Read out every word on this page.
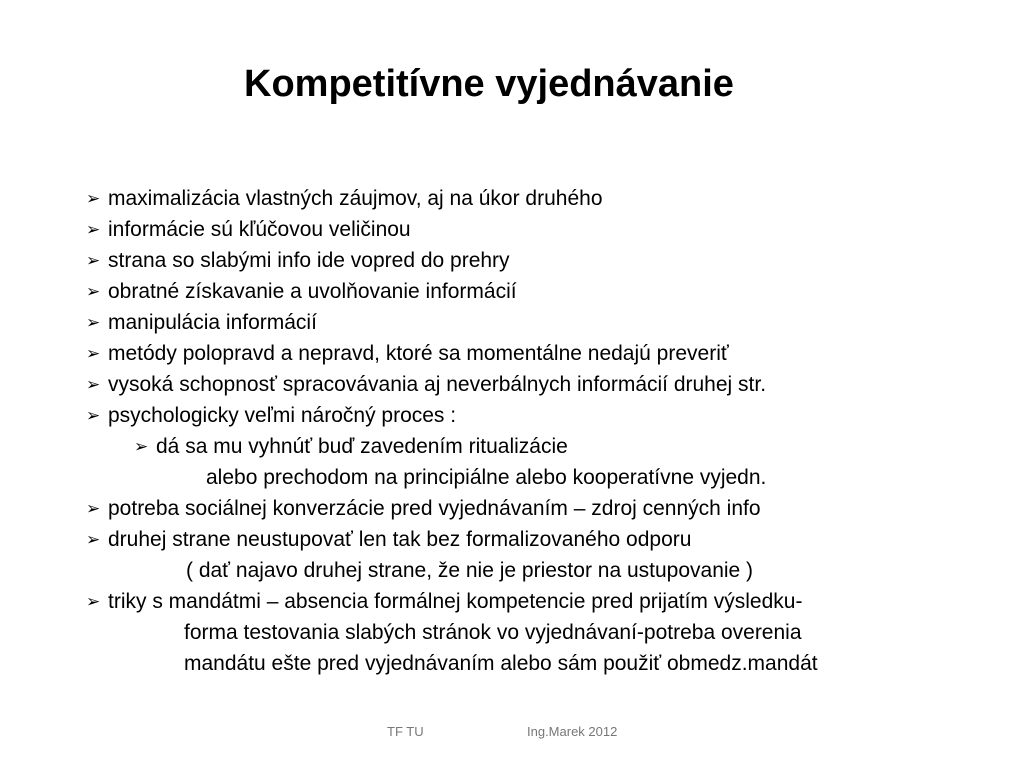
Kompetitívne vyjednávanie
➢ maximalizácia vlastných záujmov, aj na úkor druhého
➢ informácie sú kľúčovou veličinou
➢ strana so slabými info ide vopred do prehry
➢ obratné získavanie a uvolňovanie informácií
➢ manipulácia informácií
➢ metódy polopravd a nepravd, ktoré sa momentálne nedajú preveriť
➢ vysoká schopnosť spracovávania aj neverbálnych informácií druhej str.
➢ psychologicky veľmi náročný proces :
➢ dá sa mu vyhnúť buď zavedením ritualizácie
alebo prechodom na principiálne alebo kooperatívne vyjedn.
➢ potreba sociálnej konverzácie pred vyjednávaním – zdroj cenných info
➢ druhej strane neustupovať len tak bez formalizovaného odporu
( dať najavo druhej strane, že nie je priestor na ustupovanie )
➢ triky s mandátmi – absencia formálnej kompetencie pred prijatím výsledku-
forma testovania slabých stránok vo vyjednávaní-potreba overenia
mandátu ešte pred vyjednávaním alebo sám použiť obmedz.mandát
TF TU	Ing.Marek 2012
